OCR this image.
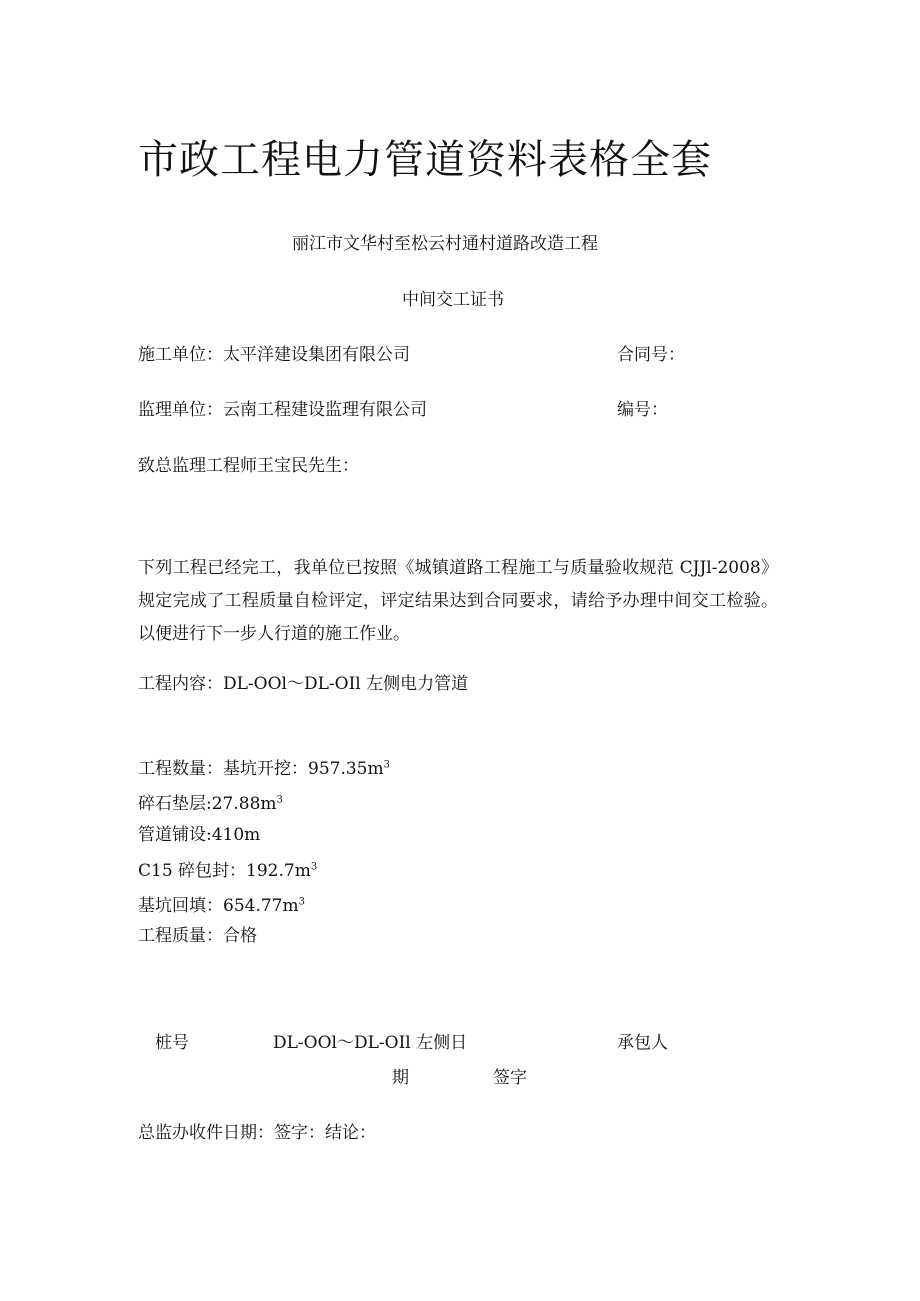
市政工程电力管道资料表格全套
丽江市文华村至松云村通村道路改造工程
中间交工证书
施工单位：太平洋建设集团有限公司	合同号：
监理单位：云南工程建设监理有限公司	编号：
致总监理工程师王宝民先生：
下列工程已经完工，我单位已按照《城镇道路工程施工与质量验收规范 CJJl-2008》规定完成了工程质量自检评定，评定结果达到合同要求，请给予办理中间交工检验。以便进行下一步人行道的施工作业。
工程内容：DL-OOl～DL-OIl 左侧电力管道
工程数量：基坑开挖：$957.35m^3$
碎石垫层$:27.88m^3$
管道铺设:410m
C15 碎包封：$192.7m^3$
基坑回填：$654.77m^3$
工程质量：合格
桩号	DL-OOl～DL-OIl 左侧日	承包人
期	签字
总监办收件日期：签字：结论：
